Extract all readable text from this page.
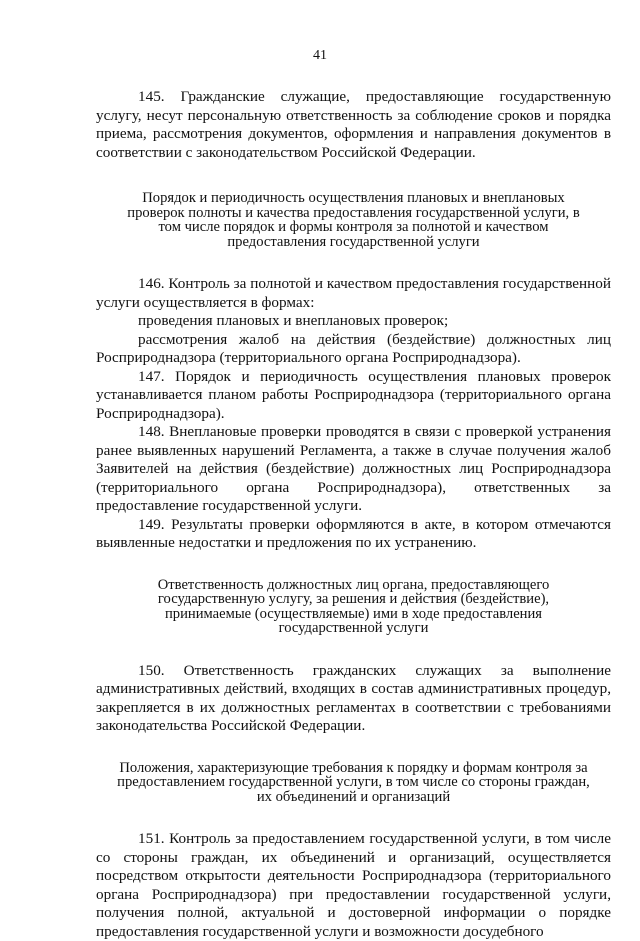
41

145. Гражданские служащие, предоставляющие государственную услугу, несут персональную ответственность за соблюдение сроков и порядка приема, рассмотрения документов, оформления и направления документов в соответствии с законодательством Российской Федерации.

Порядок и периодичность осуществления плановых и внеплановых проверок полноты и качества предоставления государственной услуги, в том числе порядок и формы контроля за полнотой и качеством предоставления государственной услуги

146. Контроль за полнотой и качеством предоставления государственной услуги осуществляется в формах:

проведения плановых и внеплановых проверок;

рассмотрения жалоб на действия (бездействие) должностных лиц Росприроднадзора (территориального органа Росприроднадзора).

147. Порядок и периодичность осуществления плановых проверок устанавливается планом работы Росприроднадзора (территориального органа Росприроднадзора).

148. Внеплановые проверки проводятся в связи с проверкой устранения ранее выявленных нарушений Регламента, а также в случае получения жалоб Заявителей на действия (бездействие) должностных лиц Росприроднадзора (территориального органа Росприроднадзора), ответственных за предоставление государственной услуги.

149. Результаты проверки оформляются в акте, в котором отмечаются выявленные недостатки и предложения по их устранению.

Ответственность должностных лиц органа, предоставляющего государственную услугу, за решения и действия (бездействие), принимаемые (осуществляемые) ими в ходе предоставления государственной услуги

150. Ответственность гражданских служащих за выполнение административных действий, входящих в состав административных процедур, закрепляется в их должностных регламентах в соответствии с требованиями законодательства Российской Федерации.

Положения, характеризующие требования к порядку и формам контроля за предоставлением государственной услуги, в том числе со стороны граждан, их объединений и организаций

151. Контроль за предоставлением государственной услуги, в том числе со стороны граждан, их объединений и организаций, осуществляется посредством открытости деятельности Росприроднадзора (территориального органа Росприроднадзора) при предоставлении государственной услуги, получения полной, актуальной и достоверной информации о порядке предоставления государственной услуги и возможности досудебного
